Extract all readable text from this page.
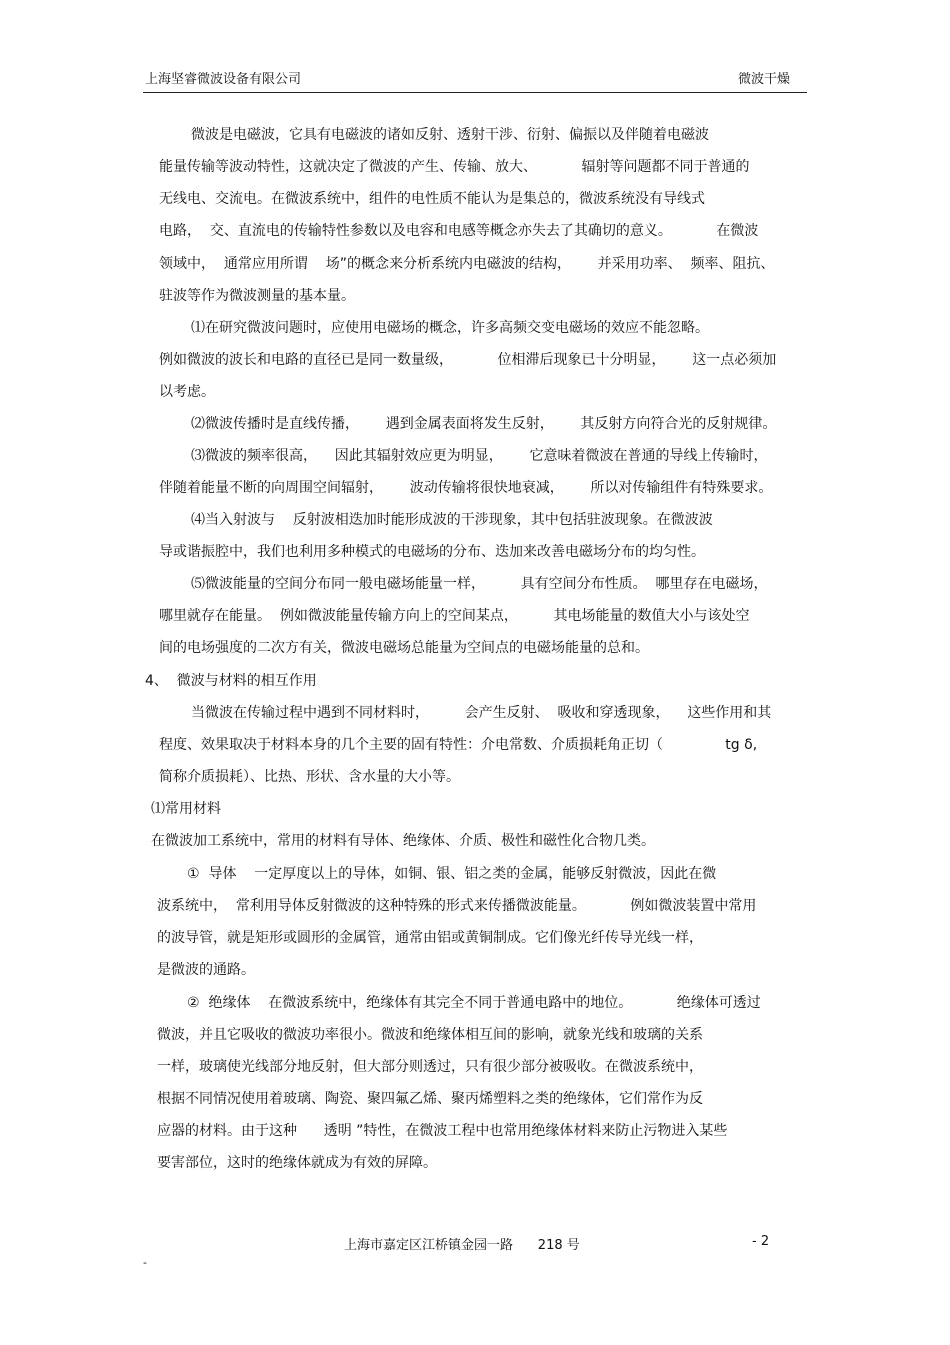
上海坚睿微波设备有限公司	微波干燥
微波是电磁波，它具有电磁波的诸如反射、透射干涉、衍射、偏振以及伴随着电磁波
能量传输等波动特性，这就决定了微波的产生、传输、放大、          辐射等问题都不同于普通的
无线电、交流电。在微波系统中，组件的电性质不能认为是集总的，微波系统没有导线式
电路，  交、直流电的传输特性参数以及电容和电感等概念亦失去了其确切的意义。          在微波
领域中，  通常应用所谓    场”的概念来分析系统内电磁波的结构，      并采用功率、  频率、阻抗、
驻波等作为微波测量的基本量。
⑴在研究微波问题时，应使用电磁场的概念，许多高频交变电磁场的效应不能忽略。
例如微波的波长和电路的直径已是同一数量级，          位相滞后现象已十分明显，      这一点必须加
以考虑。
⑵微波传播时是直线传播，      遇到金属表面将发生反射，      其反射方向符合光的反射规律。
⑶微波的频率很高，    因此其辐射效应更为明显，      它意味着微波在普通的导线上传输时，
伴随着能量不断的向周围空间辐射，      波动传输将很快地衰减，      所以对传输组件有特殊要求。
⑷当入射波与    反射波相迭加时能形成波的干涉现象，其中包括驻波现象。在微波波
导或谐振腔中，我们也利用多种模式的电磁场的分布、迭加来改善电磁场分布的均匀性。
⑸微波能量的空间分布同一般电磁场能量一样，        具有空间分布性质。  哪里存在电磁场，
哪里就存在能量。  例如微波能量传输方向上的空间某点，        其电场能量的数值大小与该处空
间的电场强度的二次方有关，微波电磁场总能量为空间点的电磁场能量的总和。
4、  微波与材料的相互作用
当微波在传输过程中遇到不同材料时，        会产生反射、  吸收和穿透现象，    这些作用和其
程度、效果取决于材料本身的几个主要的固有特性：介电常数、介质损耗角正切（              tg δ,
简称介质损耗）、比热、形状、含水量的大小等。
⑴常用材料
在微波加工系统中，常用的材料有导体、绝缘体、介质、极性和磁性化合物几类。
①  导体    一定厚度以上的导体，如铜、银、铝之类的金属，能够反射微波，因此在微
波系统中，  常利用导体反射微波的这种特殊的形式来传播微波能量。          例如微波装置中常用
的波导管，就是矩形或圆形的金属管，通常由铝或黄铜制成。它们像光纤传导光线一样，
是微波的通路。
②  绝缘体    在微波系统中，绝缘体有其完全不同于普通电路中的地位。          绝缘体可透过
微波，并且它吸收的微波功率很小。微波和绝缘体相互间的影响，就象光线和玻璃的关系
一样，玻璃使光线部分地反射，但大部分则透过，只有很少部分被吸收。在微波系统中，
根据不同情况使用着玻璃、陶瓷、聚四氟乙烯、聚丙烯塑料之类的绝缘体，它们常作为反
应器的材料。由于这种      透明 ”特性，在微波工程中也常用绝缘体材料来防止污物进入某些
要害部位，这时的绝缘体就成为有效的屏障。
上海市嘉定区江桥镇金园一路      218 号	- 2
-
